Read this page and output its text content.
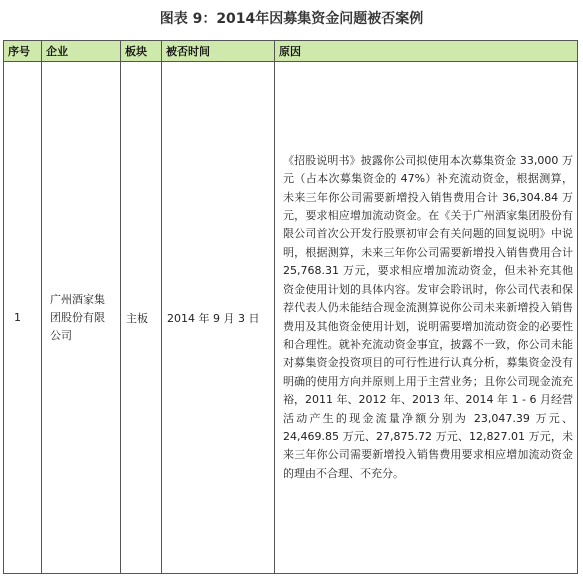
图表 9：2014年因募集资金问题被否案例
序号	企业	板块	被否时间	原因
1	广州酒家集团股份有限公司	主板	2014 年 9 月 3 日	《招股说明书》披露你公司拟使用本次募集资金 33,000 万元（占本次募集资金的 47%）补充流动资金，根据测算，未来三年你公司需要新增投入销售费用合计 36,304.84 万元，要求相应增加流动资金。在《关于广州酒家集团股份有限公司首次公开发行股票初审会有关问题的回复说明》中说明，根据测算，未来三年你公司需要新增投入销售费用合计 25,768.31 万元，要求相应增加流动资金，但未补充其他资金使用计划的具体内容。发审会聆讯时，你公司代表和保荐代表人仍未能结合现金流测算说你公司未来新增投入销售费用及其他资金使用计划，说明需要增加流动资金的必要性和合理性。就补充流动资金事宜，披露不一致，你公司未能对募集资金投资项目的可行性进行认真分析，募集资金没有明确的使用方向并原则上用于主营业务；且你公司现金流充裕，2011 年、2012 年、2013 年、2014 年 1 - 6 月经营活动产生的现金流量净额分别为 23,047.39 万元、24,469.85 万元、27,875.72 万元、12,827.01 万元，未来三年你公司需要新增投入销售费用要求相应增加流动资金的理由不合理、不充分。
